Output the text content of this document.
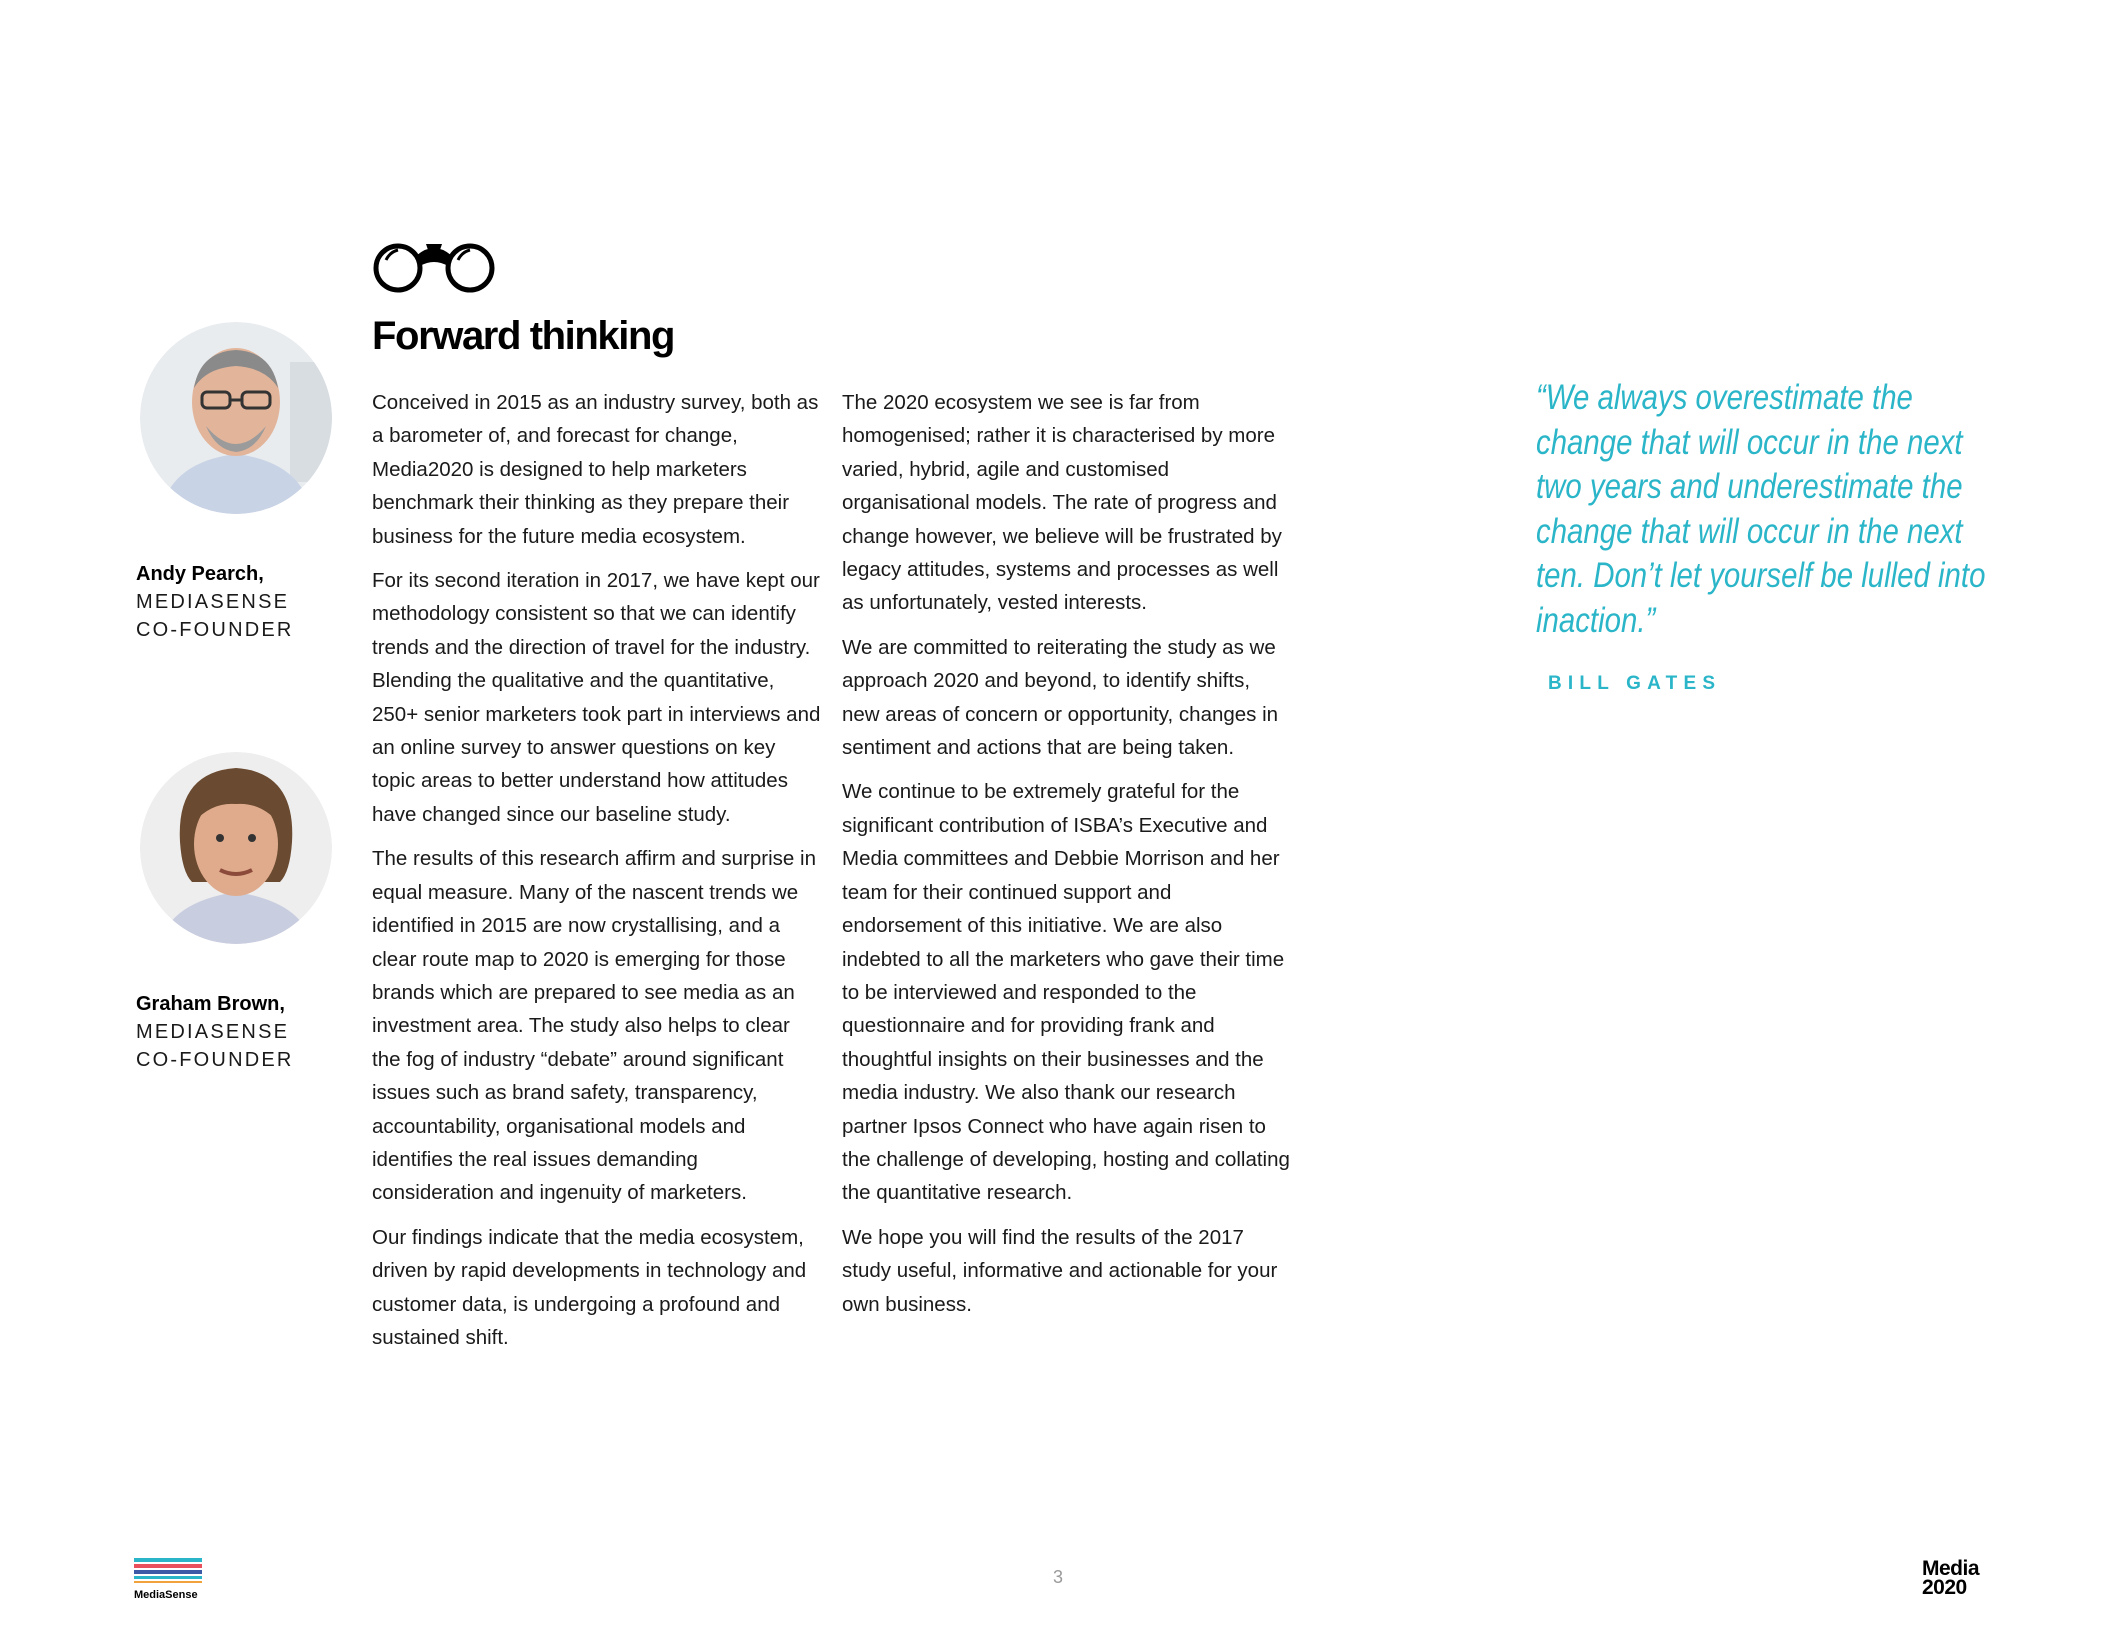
Forward thinking

Conceived in 2015 as an industry survey, both as a barometer of, and forecast for change, Media2020 is designed to help marketers benchmark their thinking as they prepare their business for the future media ecosystem.

For its second iteration in 2017, we have kept our methodology consistent so that we can identify trends and the direction of travel for the industry. Blending the qualitative and the quantitative, 250+ senior marketers took part in interviews and an online survey to answer questions on key topic areas to better understand how attitudes have changed since our baseline study.

The results of this research affirm and surprise in equal measure. Many of the nascent trends we identified in 2015 are now crystallising, and a clear route map to 2020 is emerging for those brands which are prepared to see media as an investment area. The study also helps to clear the fog of industry “debate” around significant issues such as brand safety, transparency, accountability, organisational models and identifies the real issues demanding consideration and ingenuity of marketers.

Our findings indicate that the media ecosystem, driven by rapid developments in technology and customer data, is undergoing a profound and sustained shift.

The 2020 ecosystem we see is far from homogenised; rather it is characterised by more varied, hybrid, agile and customised organisational models. The rate of progress and change however, we believe will be frustrated by legacy attitudes, systems and processes as well as unfortunately, vested interests.

We are committed to reiterating the study as we approach 2020 and beyond, to identify shifts, new areas of concern or opportunity, changes in sentiment and actions that are being taken.

We continue to be extremely grateful for the significant contribution of ISBA’s Executive and Media committees and Debbie Morrison and her team for their continued support and endorsement of this initiative. We are also indebted to all the marketers who gave their time to be interviewed and responded to the questionnaire and for providing frank and thoughtful insights on their businesses and the media industry. We also thank our research partner Ipsos Connect who have again risen to the challenge of developing, hosting and collating the quantitative research.

We hope you will find the results of the 2017 study useful, informative and actionable for your own business.

Andy Pearch,
MEDIASENSE
CO-FOUNDER
Graham Brown,
MEDIASENSE
CO-FOUNDER
“We always overestimate the change that will occur in the next two years and underestimate the change that will occur in the next ten. Don’t let yourself be lulled into inaction.”
BILL GATES
MediaSense
3	Media
2020
